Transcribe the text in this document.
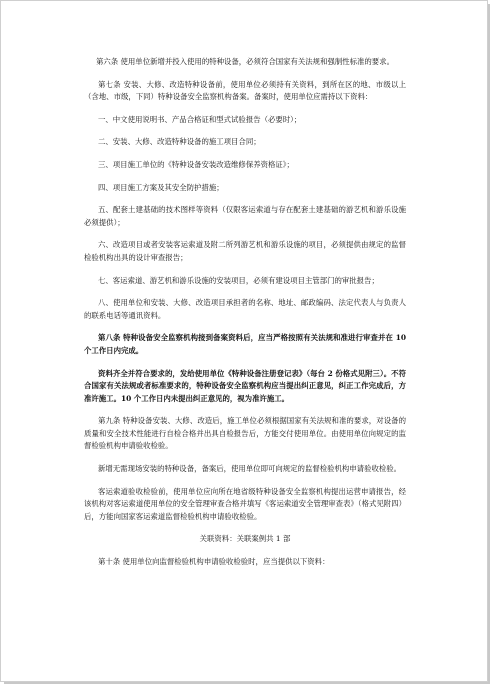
第六条 使用单位新增并投入使用的特种设备，必须符合国家有关法规和强制性标准的要求。

第七条 安装、大修、改造特种设备前，使用单位必须持有关资料，到所在区的地、市级以上（含地、市级，下同）特种设备安全监察机构备案。备案时，使用单位应需持以下资料：

一、中文使用说明书、产品合格证和型式试验报告（必要时）；

二、安装、大修、改造特种设备的施工项目合同；

三、项目施工单位的《特种设备安装改造维修保养资格证》；

四、项目施工方案及其安全防护措施；

五、配套土建基础的技术图样等资料（仅限客运索道与存在配套土建基础的游艺机和游乐设施必须提供）；

六、改造项目或者安装客运索道及附二所列游艺机和游乐设施的项目，必须提供由规定的监督检验机构出具的设计审查报告；

七、客运索道、游艺机和游乐设施的安装项目，必须有建设项目主管部门的审批报告；

八、使用单位和安装、大修、改造项目承担者的名称、地址、邮政编码、法定代表人与负责人的联系电话等通讯资料。

第八条 特种设备安全监察机构接到备案资料后，应当严格按照有关法规和准进行审查并在 10 个工作日内完成。

资料齐全并符合要求的，发给使用单位《特种设备注册登记表》（每台 2 份格式见附三）。不符合国家有关法规或者标准要求的，特种设备安全监察机构应当提出纠正意见，纠正工作完成后，方准许施工。10 个工作日内未提出纠正意见的，视为准许施工。

第九条 特种设备安装、大修、改造后，施工单位必须根据国家有关法规和准的要求，对设备的质量和安全技术性能进行自检合格并出具自检报告后，方能交付使用单位。由使用单位向规定的监督检验机构申请验收检验。

新增无需现场安装的特种设备，备案后，使用单位即可向规定的监督检验机构申请验收检验。

客运索道验收检验前，使用单位应向所在地省级特种设备安全监察机构提出运营申请报告，经该机构对客运索道使用单位的安全管理审查合格并填写《客运索道安全管理审查表》（格式见附四）后，方能向国家客运索道监督检验机构申请验收检验。

关联资料：关联案例共 1 部

第十条 使用单位向监督检验机构申请验收检验时，应当提供以下资料：
